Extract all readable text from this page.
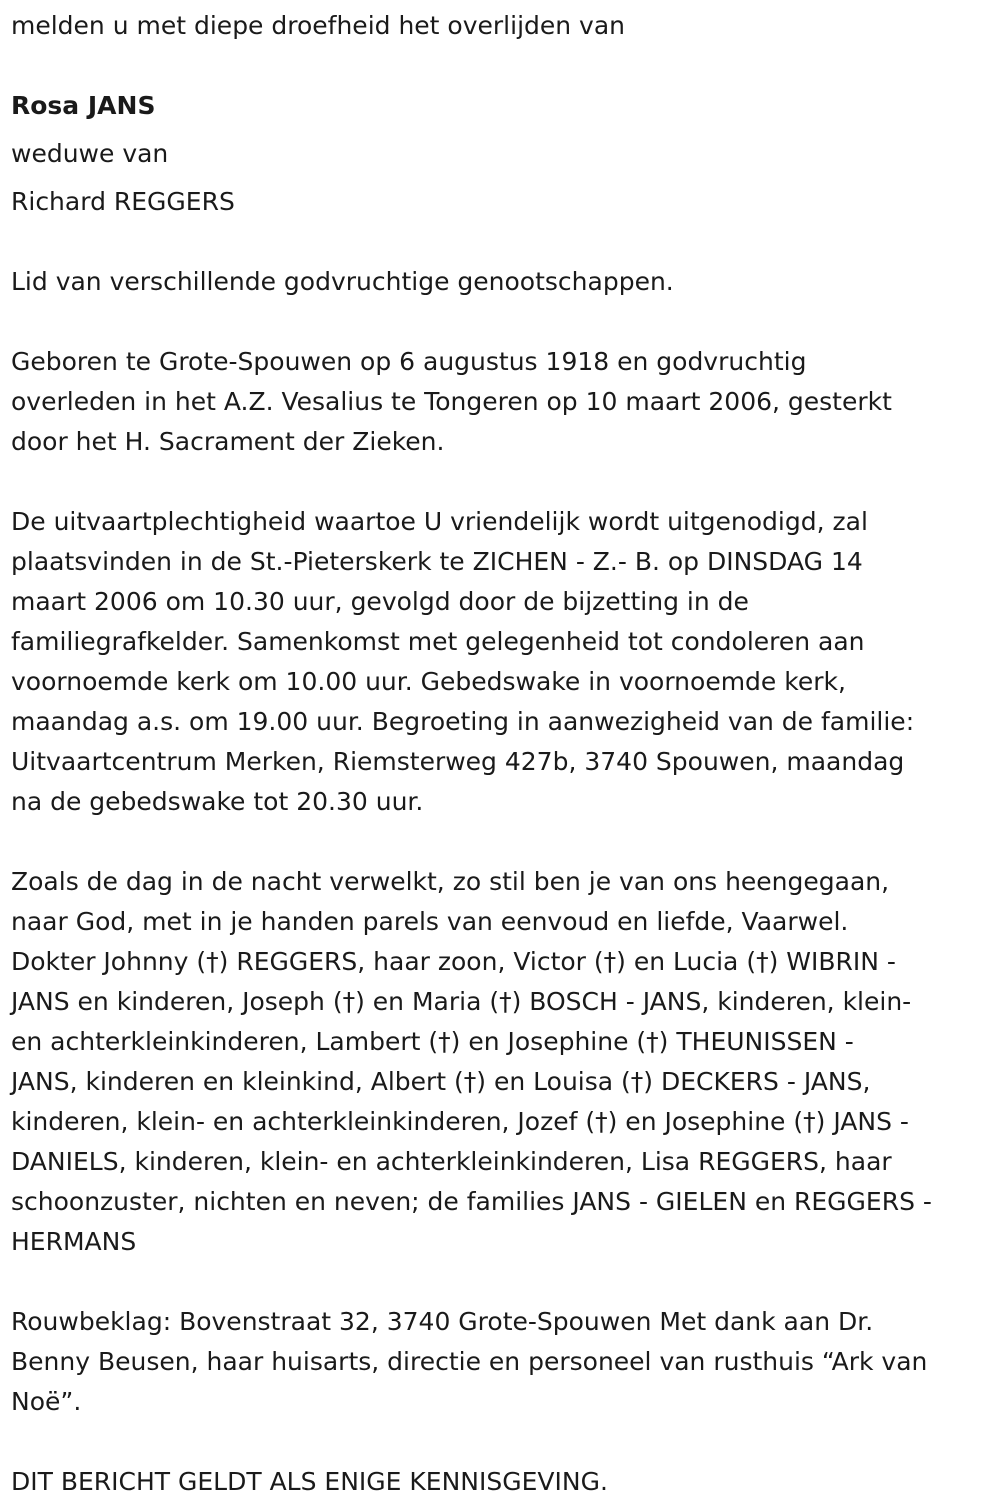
melden u met diepe droefheid het overlijden van
Rosa JANS
weduwe van
Richard REGGERS
Lid van verschillende godvruchtige genootschappen.
Geboren te Grote-Spouwen op 6 augustus 1918 en godvruchtig
overleden in het A.Z. Vesalius te Tongeren op 10 maart 2006, gesterkt
door het H. Sacrament der Zieken.
De uitvaartplechtigheid waartoe U vriendelijk wordt uitgenodigd, zal
plaatsvinden in de St.-Pieterskerk te ZICHEN - Z.- B. op DINSDAG 14
maart 2006 om 10.30 uur, gevolgd door de bijzetting in de
familiegrafkelder. Samenkomst met gelegenheid tot condoleren aan
voornoemde kerk om 10.00 uur. Gebedswake in voornoemde kerk,
maandag a.s. om 19.00 uur. Begroeting in aanwezigheid van de familie:
Uitvaartcentrum Merken, Riemsterweg 427b, 3740 Spouwen, maandag
na de gebedswake tot 20.30 uur.
Zoals de dag in de nacht verwelkt, zo stil ben je van ons heengegaan,
naar God, met in je handen parels van eenvoud en liefde, Vaarwel.
Dokter Johnny (†) REGGERS, haar zoon, Victor (†) en Lucia (†) WIBRIN -
JANS en kinderen, Joseph (†) en Maria (†) BOSCH - JANS, kinderen, klein-
en achterkleinkinderen, Lambert (†) en Josephine (†) THEUNISSEN -
JANS, kinderen en kleinkind, Albert (†) en Louisa (†) DECKERS - JANS,
kinderen, klein- en achterkleinkinderen, Jozef (†) en Josephine (†) JANS -
DANIELS, kinderen, klein- en achterkleinkinderen, Lisa REGGERS, haar
schoonzuster, nichten en neven; de families JANS - GIELEN en REGGERS -
HERMANS
Rouwbeklag: Bovenstraat 32, 3740 Grote-Spouwen Met dank aan Dr.
Benny Beusen, haar huisarts, directie en personeel van rusthuis “Ark van
Noë”.
DIT BERICHT GELDT ALS ENIGE KENNISGEVING.
